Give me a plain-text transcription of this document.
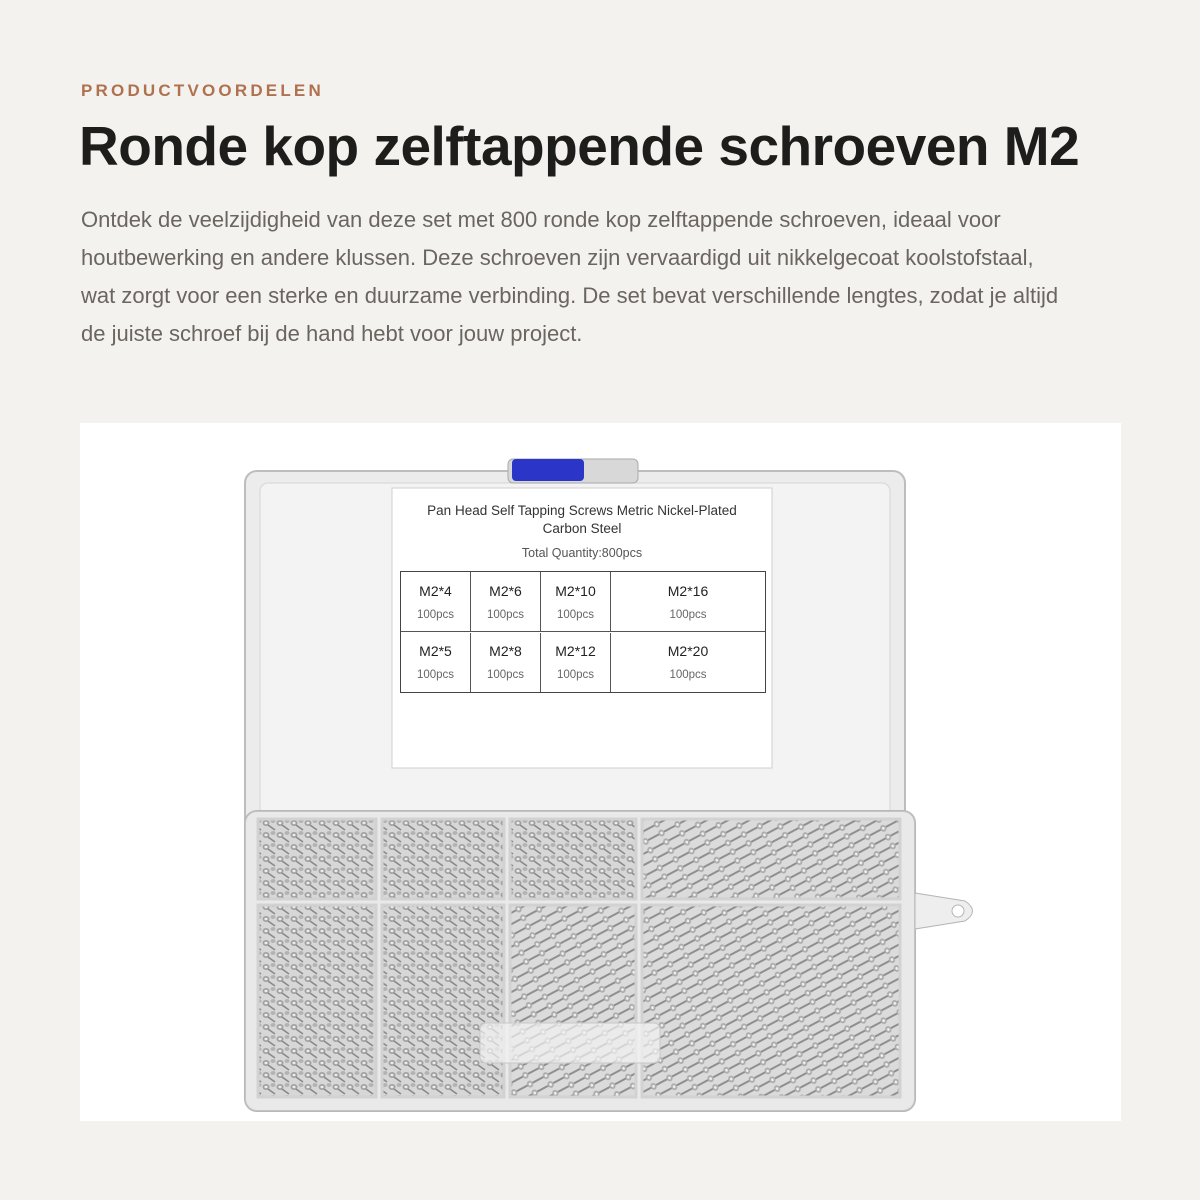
PRODUCTVOORDELEN
Ronde kop zelftappende schroeven M2

Ontdek de veelzijdigheid van deze set met 800 ronde kop zelftappende schroeven, ideaal voor houtbewerking en andere klussen. Deze schroeven zijn vervaardigd uit nikkelgecoat koolstofstaal, wat zorgt voor een sterke en duurzame verbinding. De set bevat verschillende lengtes, zodat je altijd de juiste schroef bij de hand hebt voor jouw project.

Pan Head Self Tapping Screws Metric Nickel-Plated Carbon Steel
Total Quantity:800pcs
M2*4
100pcs
M2*6
100pcs
M2*10
100pcs
M2*16
100pcs
M2*5
100pcs
M2*8
100pcs
M2*12
100pcs
M2*20
100pcs
